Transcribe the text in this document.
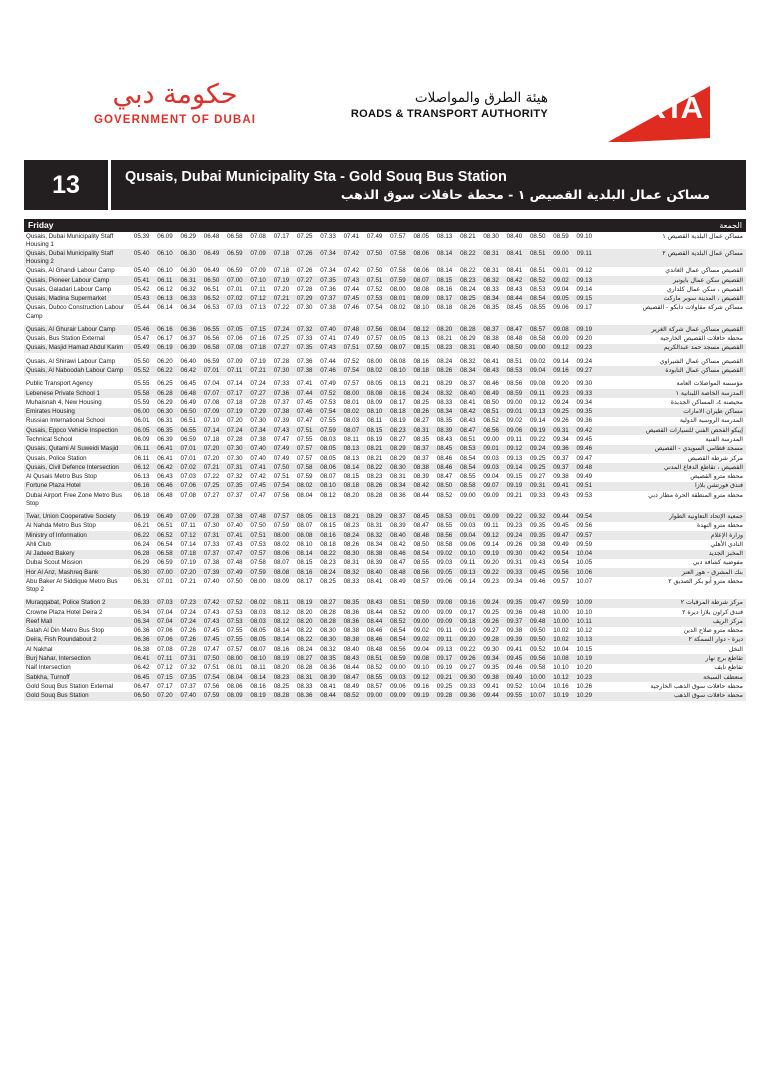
حكومة دبي
GOVERNMENT OF DUBAI
هيئة الطرق والمواصلات
ROADS & TRANSPORT AUTHORITY	RTA
13	Qusais, Dubai Municipality Sta - Gold Souq Bus Station
مساكن عمال البلدية القصيص ١ - محطة حافلات سوق الذهب
Friday	الجمعة
Qusais, Dubai Municipality Staff Housing 1
05.39	06.09	06.29	06.48	06.58	07.08	07.17	07.25	07.33	07.41	07.49	07.57	08.05	08.13	08.21	08.30	08.40	08.50	08.59	09.10	مساكن عمال البلدية القصيص ١
Qusais, Dubai Municipality Staff Housing 2
05.40	06.10	06.30	06.49	06.59	07.09	07.18	07.26	07.34	07.42	07.50	07.58	08.06	08.14	08.22	08.31	08.41	08.51	09.00	09.11	مساكن عمال البلدية القصيص ٢
Qusais, Al Ghandi Labour Camp	05.40	06.10	06.30	06.49	06.59	07.09	07.18	07.26	07.34	07.42	07.50	07.58	08.06	08.14	08.22	08.31	08.41	08.51	09.01	09.12	القصيص مساكن عمال الغاندي
Qusais, Pioneer Labour Camp	05.41	06.11	06.31	06.50	07.00	07.10	07.19	07.27	07.35	07.43	07.51	07.59	08.07	08.15	08.23	08.32	08.42	08.52	09.02	09.13	القصيص سكن عمال بايونير
Qusais, Galadari Labour Camp	05.42	06.12	06.32	06.51	07.01	07.11	07.20	07.28	07.36	07.44	07.52	08.00	08.08	08.16	08.24	08.33	08.43	08.53	09.04	09.14	القصيص ، سكن عمال كلداري
Qusais, Madina Supermarket	05.43	06.13	06.33	06.52	07.02	07.12	07.21	07.29	07.37	07.45	07.53	08.01	08.09	08.17	08.25	08.34	08.44	08.54	09.05	09.15	القصيص ، المدينة سوبر ماركت
Qusais, Dubco Construction Labour Camp
05.44	06.14	06.34	06.53	07.03	07.13	07.22	07.30	07.38	07.46	07.54	08.02	08.10	08.18	08.26	08.35	08.45	08.55	09.06	09.17	مساكن شركة مقاولات دابكو - القصيص
Qusais, Al Ghurair Labour Camp	05.46	06.16	06.36	06.55	07.05	07.15	07.24	07.32	07.40	07.48	07.56	08.04	08.12	08.20	08.28	08.37	08.47	08.57	09.08	09.19	القصيص مساكن عمال شركة الغرير
Qusais, Bus Station External	05.47	06.17	06.37	06.56	07.06	07.16	07.25	07.33	07.41	07.49	07.57	08.05	08.13	08.21	08.29	08.38	08.48	08.58	09.09	09.20	محطة حافلات القصيص الخارجية
Qusais, Masjid Hamad Abdul Karim	05.49	06.19	06.39	06.58	07.08	07.18	07.27	07.35	07.43	07.51	07.59	08.07	08.15	08.23	08.31	08.40	08.50	09.00	09.12	09.23	القصيص مسجد حمد عبدالكريم
Qusais, Al Shirawi Labour Camp	05.50	06.20	06.40	06.59	07.09	07.19	07.28	07.36	07.44	07.52	08.00	08.08	08.16	08.24	08.32	08.41	08.51	09.02	09.14	09.24	القصيص مساكن عمال الشيراوي
Qusais, Al Naboodah Labour Camp	05.52	06.22	06.42	07.01	07.11	07.21	07.30	07.38	07.46	07.54	08.02	08.10	08.18	08.26	08.34	08.43	08.53	09.04	09.16	09.27	القصيص مساكن عمال النابودة
Public Transport Agency	05.55	06.25	06.45	07.04	07.14	07.24	07.33	07.41	07.49	07.57	08.05	08.13	08.21	08.29	08.37	08.46	08.56	09.08	09.20	09.30	مؤسسة المواصلات العامة
Lebenese Private School 1	05.58	06.28	06.48	07.07	07.17	07.27	07.36	07.44	07.52	08.00	08.08	08.16	08.24	08.32	08.40	08.49	08.59	09.11	09.23	09.33	المدرسة الخاصة اللبنانية ١
Muhaisnah 4, New Housing	05.59	06.29	06.49	07.08	07.18	07.28	07.37	07.45	07.53	08.01	08.09	08.17	08.25	08.33	08.41	08.50	09.00	09.12	09.24	09.34	محيصنة ٤، المساكن الجديدة
Emirates Housing	06.00	06.30	06.50	07.09	07.19	07.29	07.38	07.46	07.54	08.02	08.10	08.18	08.26	08.34	08.42	08.51	09.01	09.13	09.25	09.35	مساكن طيران الامارات
Russian International School	06.01	06.31	06.51	07.10	07.20	07.30	07.39	07.47	07.55	08.03	08.11	08.19	08.27	08.35	08.43	08.52	09.02	09.14	09.26	09.36	المدرسة الروسية الدولية
Qusais, Eppco Vehicle Inspection	06.05	06.35	06.55	07.14	07.24	07.34	07.43	07.51	07.59	08.07	08.15	08.23	08.31	08.39	08.47	08.56	09.06	09.19	09.31	09.42	إيبكو الفحص الفني للسيارات القصيص
Technical School	06.09	06.39	06.59	07.18	07.28	07.38	07.47	07.55	08.03	08.11	08.19	08.27	08.35	08.43	08.51	09.00	09.11	09.22	09.34	09.45	المدرسة الفنية
Qusais, Qutami Al Suweidi Masjid	06.11	06.41	07.01	07.20	07.30	07.40	07.49	07.57	08.05	08.13	08.21	08.29	08.37	08.45	08.53	09.01	09.12	09.24	09.36	09.46	مسجد قطامي السويدي - القصيص
Qusais, Police Station	06.11	06.41	07.01	07.20	07.30	07.40	07.49	07.57	08.05	08.13	08.21	08.29	08.37	08.46	08.54	09.03	09.13	09.25	09.37	09.47	مركز شرطة القصيص
Qusais, Civil Defence Intersection	06.12	06.42	07.02	07.21	07.31	07.41	07.50	07.58	08.06	08.14	08.22	08.30	08.38	08.46	08.54	09.03	09.14	09.25	09.37	09.48	القصيص ، تقاطع الدفاع المدني
Al Qusais Metro Bus Stop	06.13	06.43	07.03	07.22	07.32	07.42	07.51	07.59	08.07	08.15	08.23	08.31	08.39	08.47	08.55	09.04	09.15	09.27	09.38	09.49	محطة مترو القصيص
Fortune Plaza Hotel	06.16	06.46	07.06	07.25	07.35	07.45	07.54	08.02	08.10	08.18	08.26	08.34	08.42	08.50	08.58	09.07	09.19	09.31	09.41	09.51	فندق فورتشن بلازا
Dubai Airport Free Zone Metro Bus Stop
06.18	06.48	07.08	07.27	07.37	07.47	07.56	08.04	08.12	08.20	08.28	08.36	08.44	08.52	09.00	09.09	09.21	09.33	09.43	09.53	محطة مترو المنطقة الحرة مطار دبي
Twar, Union Cooperative Society	06.19	06.49	07.09	07.28	07.38	07.48	07.57	08.05	08.13	08.21	08.29	08.37	08.45	08.53	09.01	09.09	09.22	09.32	09.44	09.54	جمعية الإتحاد التعاونية الطوار
Al Nahda Metro Bus Stop	06.21	06.51	07.11	07.30	07.40	07.50	07.59	08.07	08.15	08.23	08.31	08.39	08.47	08.55	09.03	09.11	09.23	09.35	09.45	09.56	محطة مترو النهدة
Ministry of Information	06.22	06.52	07.12	07.31	07.41	07.51	08.00	08.08	08.16	08.24	08.32	08.40	08.48	08.56	09.04	09.12	09.24	09.35	09.47	09.57	وزارة الإعلام
Ahli Club	06.24	06.54	07.14	07.33	07.43	07.53	08.02	08.10	08.18	08.26	08.34	08.42	08.50	08.58	09.06	09.14	09.26	09.38	09.49	09.59	النادي الأهلي
Al Jadeed Bakery	06.28	06.58	07.18	07.37	07.47	07.57	08.06	08.14	08.22	08.30	08.38	08.46	08.54	09.02	09.10	09.19	09.30	09.42	09.54	10.04	المخبز الجديد
Dubai Scout Mission	06.29	06.59	07.19	07.38	07.48	07.58	08.07	08.15	08.23	08.31	08.39	08.47	08.55	09.03	09.11	09.20	09.31	09.43	09.54	10.05	مفوضية كشافة دبي
Hor Al Anz, Mashreq Bank	06.30	07.00	07.20	07.39	07.49	07.59	08.08	08.16	08.24	08.32	08.40	08.48	08.56	09.05	09.13	09.22	09.33	09.45	09.56	10.06	بنك المشرق - هور العنز
Abu Baker Al Siddique Metro Bus Stop 2
06.31	07.01	07.21	07.40	07.50	08.00	08.09	08.17	08.25	08.33	08.41	08.49	08.57	09.06	09.14	09.23	09.34	09.46	09.57	10.07	محطة مترو أبو بكر الصديق ٢
Muraqqabat, Police Station 2	06.33	07.03	07.23	07.42	07.52	08.02	08.11	08.19	08.27	08.35	08.43	08.51	08.59	09.08	09.16	09.24	09.35	09.47	09.59	10.09	مركز شرطة المرقبات ٢
Crowne Plaza Hotel Deira 2	06.34	07.04	07.24	07.43	07.53	08.03	08.12	08.20	08.28	08.36	08.44	08.52	09.00	09.09	09.17	09.25	09.36	09.48	10.00	10.10	فندق كراون بلازا ديرة ٢
Reef Mall	06.34	07.04	07.24	07.43	07.53	08.03	08.12	08.20	08.28	08.36	08.44	08.52	09.00	09.09	09.18	09.26	09.37	09.48	10.00	10.11	مركز الريف
Salah Al Din Metro Bus Stop	06.36	07.06	07.26	07.45	07.55	08.05	08.14	08.22	08.30	08.38	08.46	08.54	09.02	09.11	09.19	09.27	09.38	09.50	10.02	10.12	محطة مترو صلاح الدين
Deira, Fish Roundabout 2	06.36	07.06	07.26	07.45	07.55	08.05	08.14	08.22	08.30	08.38	08.46	08.54	09.02	09.11	09.20	09.28	09.39	09.50	10.02	10.13	ديرة - دوار السمكة ٢
Al Nakhal	06.38	07.08	07.28	07.47	07.57	08.07	08.16	08.24	08.32	08.40	08.48	08.56	09.04	09.13	09.22	09.30	09.41	09.52	10.04	10.15	النخل
Burj Nahar, Intersection	06.41	07.11	07.31	07.50	08.00	08.10	08.19	08.27	08.35	08.43	08.51	08.59	09.08	09.17	09.26	09.34	09.45	09.56	10.08	10.19	تقاطع برج نهار
Naif Intersection	06.42	07.12	07.32	07.51	08.01	08.11	08.20	08.28	08.36	08.44	08.52	09.00	09.10	09.19	09.27	09.35	09.46	09.58	10.10	10.20	تقاطع نايف
Sabkha, Turnoff	06.45	07.15	07.35	07.54	08.04	08.14	08.23	08.31	08.39	08.47	08.55	09.03	09.12	09.21	09.30	09.38	09.49	10.00	10.12	10.23	منعطف السبخة
Gold Souq Bus Station External	06.47	07.17	07.37	07.56	08.06	08.16	08.25	08.33	08.41	08.49	08.57	09.06	09.16	09.25	09.33	09.41	09.52	10.04	10.16	10.26	محطة حافلات سوق الذهب الخارجية
Gold Souq Bus Station	06.50	07.20	07.40	07.59	08.09	08.19	08.28	08.36	08.44	08.52	09.00	09.09	09.19	09.28	09.36	09.44	09.55	10.07	10.19	10.29	محطة حافلات سوق الذهب
